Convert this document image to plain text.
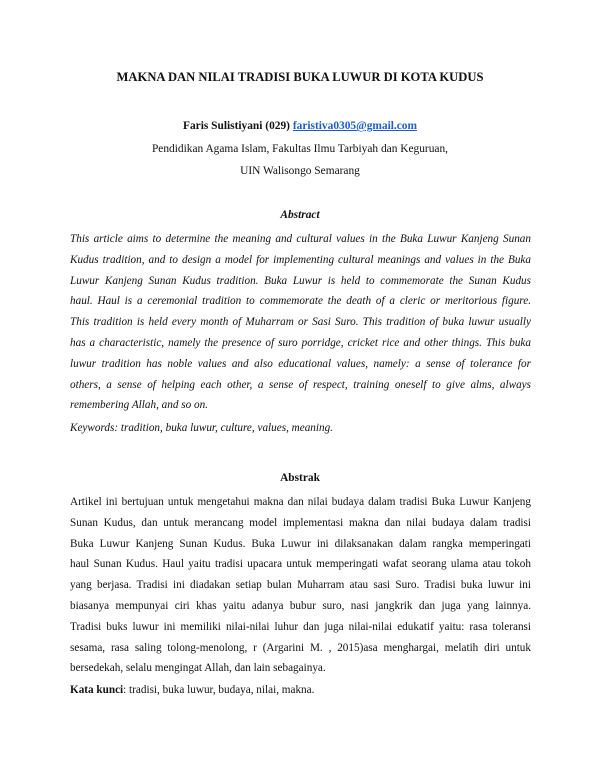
MAKNA DAN NILAI TRADISI BUKA LUWUR DI KOTA KUDUS
Faris Sulistiyani (029) faristiva0305@gmail.com
Pendidikan Agama Islam, Fakultas Ilmu Tarbiyah dan Keguruan,
UIN Walisongo Semarang
Abstract
This article aims to determine the meaning and cultural values in the Buka Luwur Kanjeng Sunan
Kudus tradition, and to design a model for implementing cultural meanings and values in the Buka
Luwur Kanjeng Sunan Kudus tradition. Buka Luwur is held to commemorate the Sunan Kudus
haul. Haul is a ceremonial tradition to commemorate the death of a cleric or meritorious figure.
This tradition is held every month of Muharram or Sasi Suro. This tradition of buka luwur usually
has a characteristic, namely the presence of suro porridge, cricket rice and other things. This buka
luwur tradition has noble values and also educational values, namely: a sense of tolerance for
others, a sense of helping each other, a sense of respect, training oneself to give alms, always
remembering Allah, and so on.
Keywords: tradition, buka luwur, culture, values, meaning.
Abstrak
Artikel ini bertujuan untuk mengetahui makna dan nilai budaya dalam tradisi Buka Luwur Kanjeng
Sunan Kudus, dan untuk merancang model implementasi makna dan nilai budaya dalam tradisi
Buka Luwur Kanjeng Sunan Kudus. Buka Luwur ini dilaksanakan dalam rangka memperingati
haul Sunan Kudus. Haul yaitu tradisi upacara untuk memperingati wafat seorang ulama atau tokoh
yang berjasa. Tradisi ini diadakan setiap bulan Muharram atau sasi Suro. Tradisi buka luwur ini
biasanya mempunyai ciri khas yaitu adanya bubur suro, nasi jangkrik dan juga yang lainnya.
Tradisi buks luwur ini memiliki nilai-nilai luhur dan juga nilai-nilai edukatif yaitu: rasa toleransi
sesama, rasa saling tolong-menolong, r (Argarini M. , 2015)asa menghargai, melatih diri untuk
bersedekah, selalu mengingat Allah, dan lain sebagainya.
Kata kunci: tradisi, buka luwur, budaya, nilai, makna.
